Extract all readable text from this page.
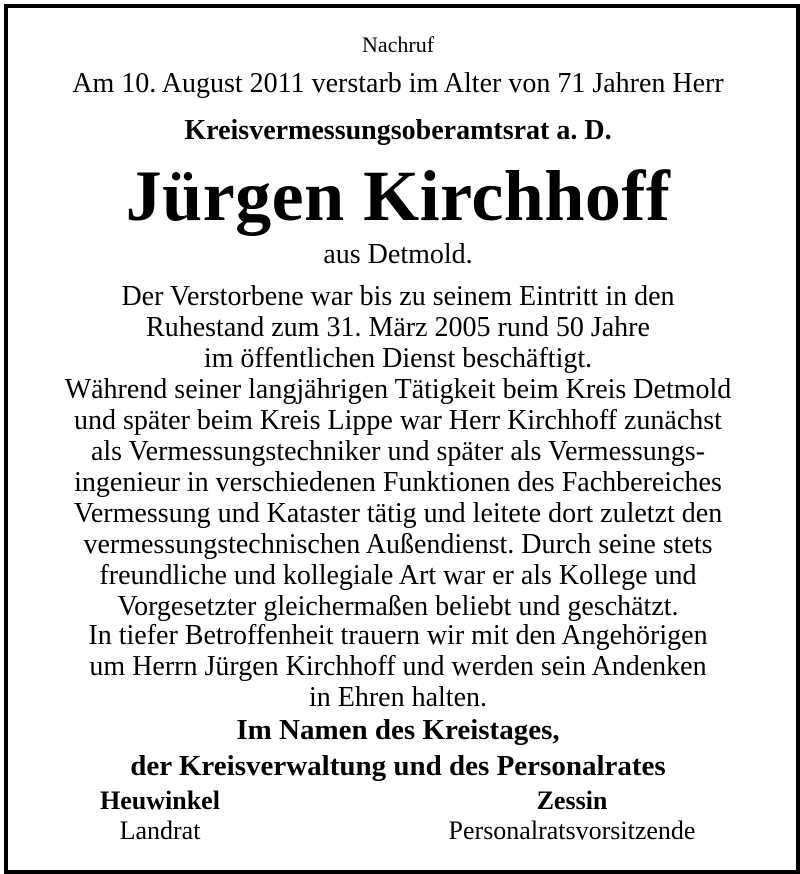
Nachruf
Am 10. August 2011 verstarb im Alter von 71 Jahren Herr
Kreisvermessungsoberamtsrat a. D.
Jürgen Kirchhoff
aus Detmold.
Der Verstorbene war bis zu seinem Eintritt in den
Ruhestand zum 31. März 2005 rund 50 Jahre
im öffentlichen Dienst beschäftigt.
Während seiner langjährigen Tätigkeit beim Kreis Detmold
und später beim Kreis Lippe war Herr Kirchhoff zunächst
als Vermessungstechniker und später als Vermessungs-
ingenieur in verschiedenen Funktionen des Fachbereiches
Vermessung und Kataster tätig und leitete dort zuletzt den
vermessungstechnischen Außendienst. Durch seine stets
freundliche und kollegiale Art war er als Kollege und
Vorgesetzter gleichermaßen beliebt und geschätzt.
In tiefer Betroffenheit trauern wir mit den Angehörigen
um Herrn Jürgen Kirchhoff und werden sein Andenken
in Ehren halten.
Im Namen des Kreistages,
der Kreisverwaltung und des Personalrates
Heuwinkel
Landrat
Zessin
Personalratsvorsitzende
